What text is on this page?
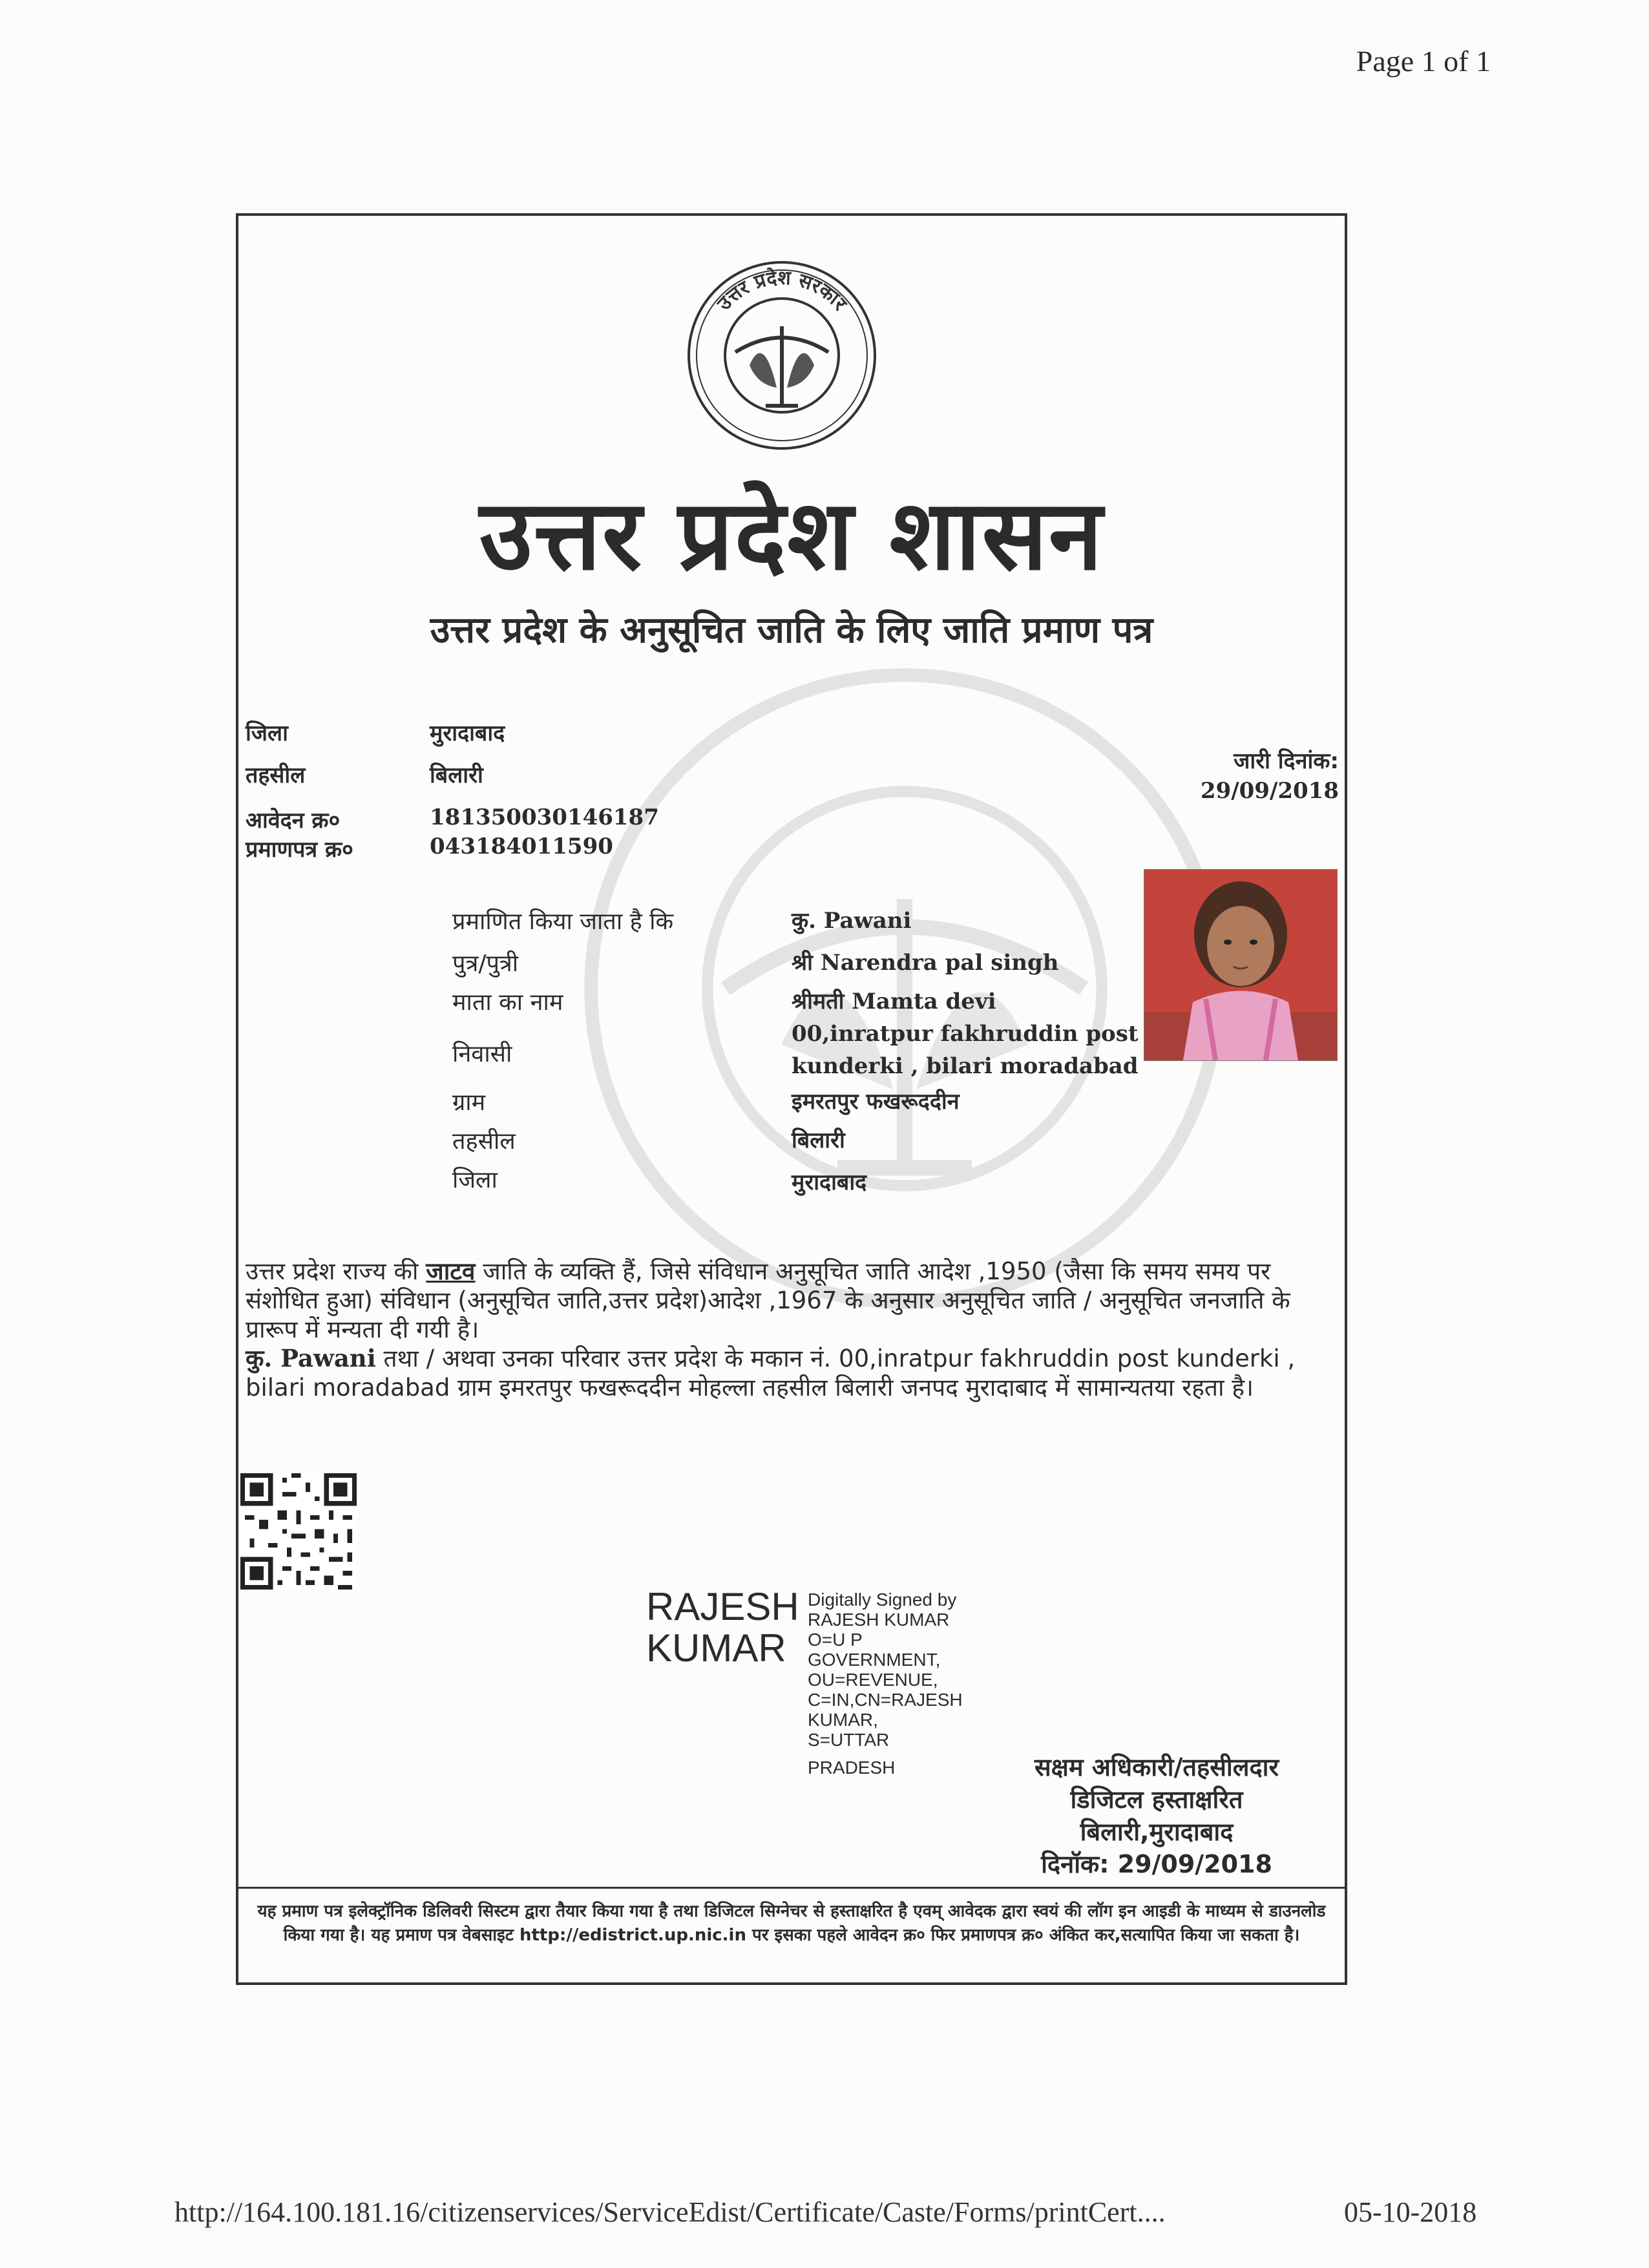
Page 1 of 1
उत्तर प्रदेश सरकार
उत्तर प्रदेश शासन
उत्तर प्रदेश के अनुसूचित जाति के लिए जाति प्रमाण पत्र
जिला	मुरादाबाद
तहसील	बिलारी
आवेदन क्र०	181350030146187
प्रमाणपत्र क्र०	043184011590
जारी दिनांक:
29/09/2018
प्रमाणित किया जाता है कि	कु. Pawani
पुत्र/पुत्री	श्री Narendra pal singh
माता का नाम	श्रीमती Mamta devi
निवासी
00,inratpur fakhruddin post
kunderki , bilari moradabad
ग्राम	इमरतपुर फखरूददीन
तहसील	बिलारी
जिला	मुरादाबाद
उत्तर प्रदेश राज्य की जाटव जाति के व्यक्ति हैं, जिसे संविधान अनुसूचित जाति आदेश ,1950 (जैसा कि समय समय पर संशोधित हुआ) संविधान (अनुसूचित जाति,उत्तर प्रदेश)आदेश ,1967 के अनुसार अनुसूचित जाति / अनुसूचित जनजाति के प्रारूप में मन्यता दी गयी है।
कु. Pawani तथा / अथवा उनका परिवार उत्तर प्रदेश के मकान नं. 00,inratpur fakhruddin post kunderki , bilari moradabad ग्राम इमरतपुर फखरूददीन मोहल्ला तहसील बिलारी जनपद मुरादाबाद में सामान्यतया रहता है।
RAJESH
KUMAR
Digitally Signed by
RAJESH KUMAR
O=U P
GOVERNMENT,
OU=REVENUE,
C=IN,CN=RAJESH
KUMAR,
S=UTTAR
PRADESH	सक्षम अधिकारी/तहसीलदार
डिजिटल हस्ताक्षरित
बिलारी,मुरादाबाद
दिनॉक: 29/09/2018
यह प्रमाण पत्र इलेक्ट्रॉनिक डिलिवरी सिस्टम द्वारा तैयार किया गया है तथा डिजिटल सिग्नेचर से हस्ताक्षरित है एवम् आवेदक द्वारा स्वयं की लॉग इन आइडी के माध्यम से डाउनलोड किया गया है। यह प्रमाण पत्र वेबसाइट http://edistrict.up.nic.in पर इसका पहले आवेदन क्र० फिर प्रमाणपत्र क्र० अंकित कर,सत्यापित किया जा सकता है।
http://164.100.181.16/citizenservices/ServiceEdist/Certificate/Caste/Forms/printCert....	05-10-2018
